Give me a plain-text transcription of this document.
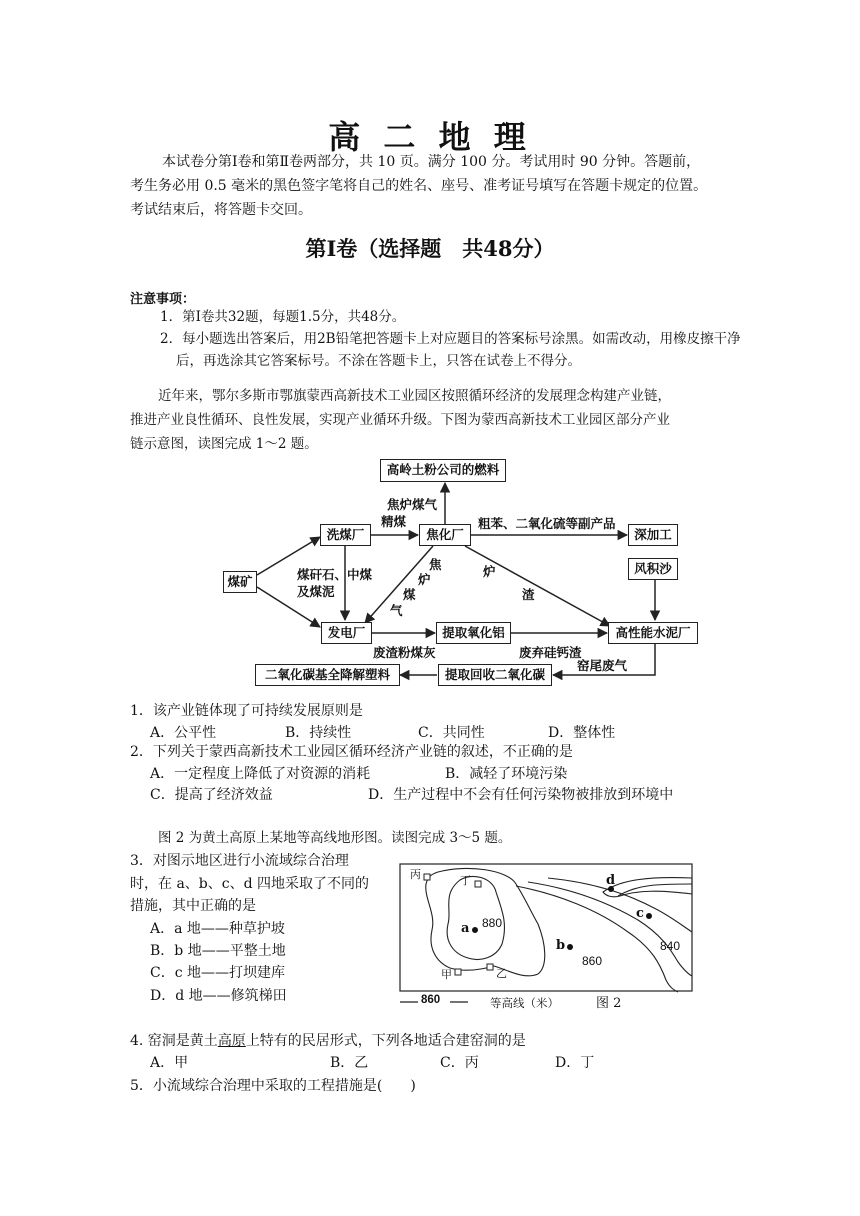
高 二 地 理
本试卷分第Ⅰ卷和第Ⅱ卷两部分，共 10 页。满分 100 分。考试用时 90 分钟。答题前，
考生务必用 0.5 毫米的黑色签字笔将自己的姓名、座号、准考证号填写在答题卡规定的位置。
考试结束后，将答题卡交回。
第Ⅰ卷（选择题　共48分）
注意事项：
1．第Ⅰ卷共32题，每题1.5分，共48分。
2．每小题选出答案后，用2B铅笔把答题卡上对应题目的答案标号涂黑。如需改动，用橡皮擦干净后，再选涂其它答案标号。不涂在答题卡上，只答在试卷上不得分。
近年来，鄂尔多斯市鄂旗蒙西高新技术工业园区按照循环经济的发展理念构建产业链，
推进产业良性循环、良性发展，实现产业循环升级。下图为蒙西高新技术工业园区部分产业
链示意图，读图完成 1～2 题。
高岭土粉公司的燃料
洗煤厂	焦化厂	深加工
煤矿
风积沙
发电厂	提取氧化铝	高性能水泥厂
二氧化碳基全降解塑料	提取回收二氧化碳
焦炉煤气
精煤	粗苯、二氧化硫等副产品
煤矸石、中煤
及煤泥
焦
炉
煤
气
炉
渣
废渣粉煤灰	废弃硅钙渣
窑尾废气
1．该产业链体现了可持续发展原则是
A．公平性	B．持续性	C．共同性	D．整体性
2．下列关于蒙西高新技术工业园区循环经济产业链的叙述，不正确的是
A．一定程度上降低了对资源的消耗	B．减轻了环境污染
C．提高了经济效益	D．生产过程中不会有任何污染物被排放到环境中
图 2 为黄土高原上某地等高线地形图。读图完成 3～5 题。
3．对图示地区进行小流域综合治理
时，在 a、b、c、d 四地采取了不同的
措施，其中正确的是
A．a 地——种草护坡
B．b 地——平整土地
C．c 地——打坝建库
D．d 地——修筑梯田
丙	丁
甲	乙
a
b
c
d
880
860
840
860	等高线（米）	图 2
4. 窑洞是黄土高原上特有的民居形式，下列各地适合建窑洞的是
A．甲	B．乙	C．丙	D．丁
5．小流域综合治理中采取的工程措施是(　　)
